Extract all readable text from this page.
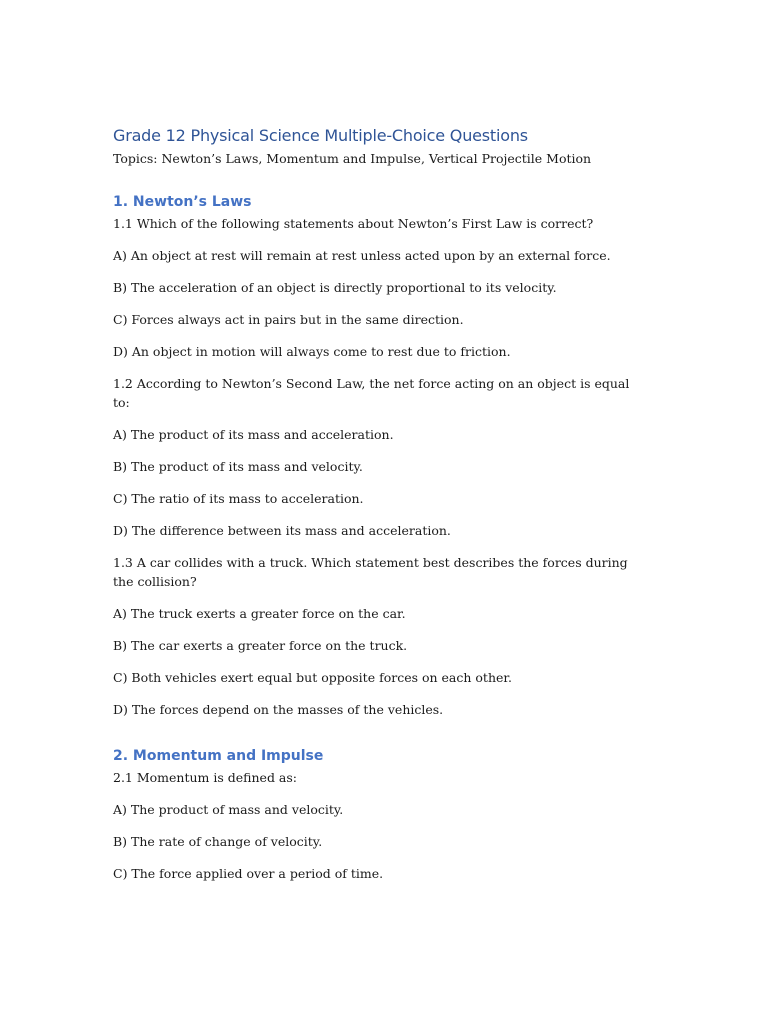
Grade 12 Physical Science Multiple-Choice Questions

Topics: Newton’s Laws, Momentum and Impulse, Vertical Projectile Motion

1. Newton’s Laws

1.1 Which of the following statements about Newton’s First Law is correct?

A) An object at rest will remain at rest unless acted upon by an external force.

B) The acceleration of an object is directly proportional to its velocity.

C) Forces always act in pairs but in the same direction.

D) An object in motion will always come to rest due to friction.

1.2 According to Newton’s Second Law, the net force acting on an object is equal to:

A) The product of its mass and acceleration.

B) The product of its mass and velocity.

C) The ratio of its mass to acceleration.

D) The difference between its mass and acceleration.

1.3 A car collides with a truck. Which statement best describes the forces during the collision?

A) The truck exerts a greater force on the car.

B) The car exerts a greater force on the truck.

C) Both vehicles exert equal but opposite forces on each other.

D) The forces depend on the masses of the vehicles.

2. Momentum and Impulse

2.1 Momentum is defined as:

A) The product of mass and velocity.

B) The rate of change of velocity.

C) The force applied over a period of time.
